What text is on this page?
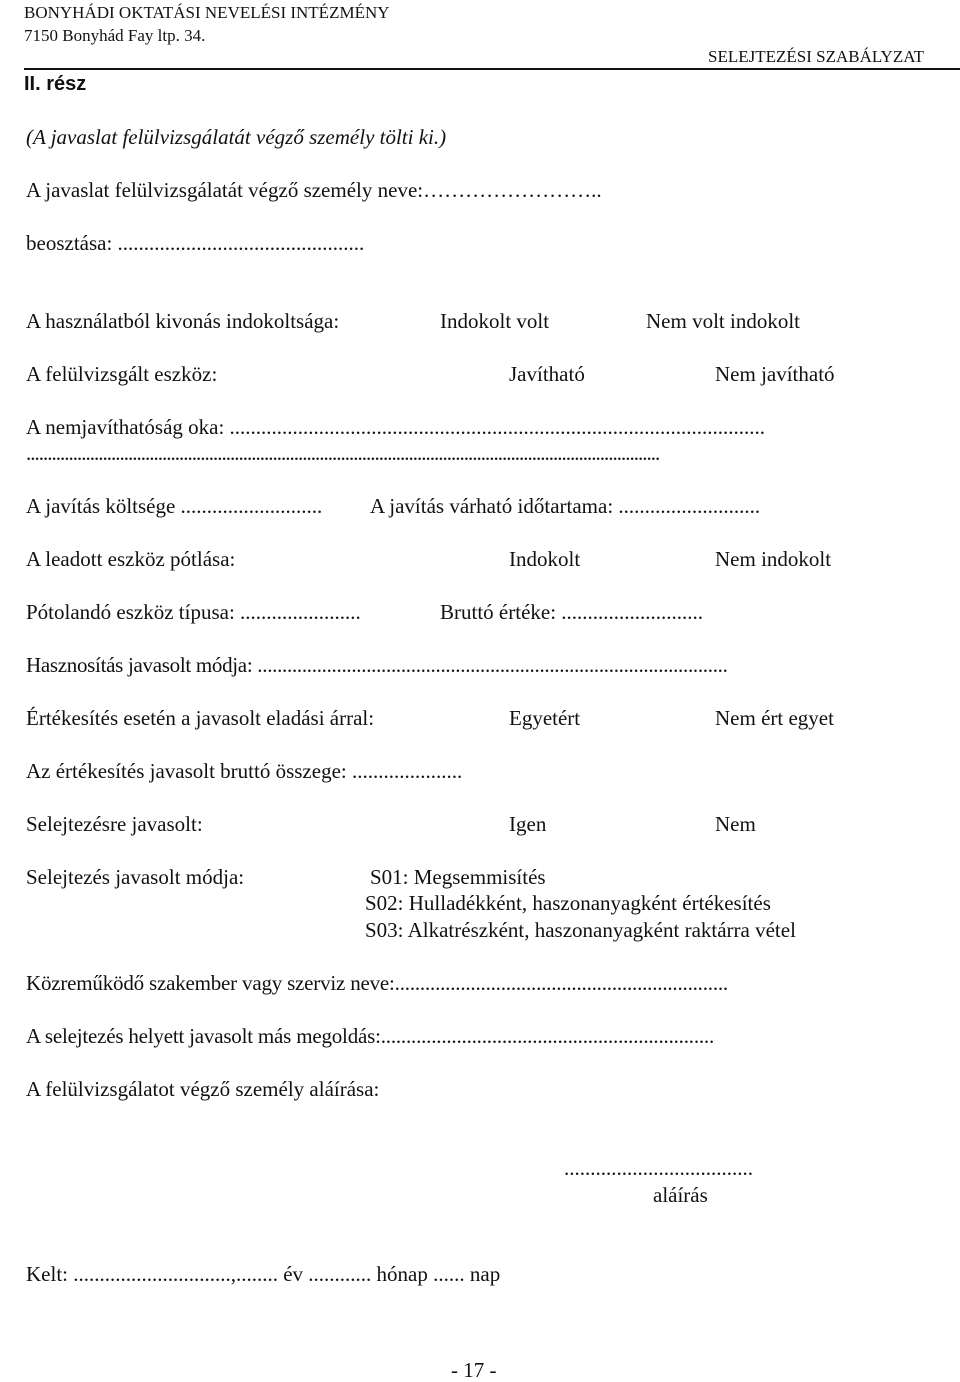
BONYHÁDI OKTATÁSI NEVELÉSI INTÉZMÉNY
7150 Bonyhád Fay ltp. 34.
SELEJTEZÉSI SZABÁLYZAT
II. rész
(A javaslat felülvizsgálatát végző személy tölti ki.)
A javaslat felülvizsgálatát végző személy neve:……………………..
beosztása: ...............................................
A használatból kivonás indokoltsága:	Indokolt volt	Nem volt indokolt
A felülvizsgált eszköz:	Javítható	Nem javítható
A nemjavíthatóság oka: ......................................................................................................
.....................................................................................................................................................
A javítás költsége ........................... A javítás várható időtartama: ...........................
A leadott eszköz pótlása:	Indokolt	Nem indokolt
Pótolandó eszköz típusa: .......................	Bruttó értéke: ...........................
Hasznosítás javasolt módja: ...............................................................................................
Értékesítés esetén a javasolt eladási árral:	Egyetért	Nem ért egyet
Az értékesítés javasolt bruttó összege: .....................
Selejtezésre javasolt:	Igen	Nem
Selejtezés javasolt módja:	S01: Megsemmisítés
S02: Hulladékként, haszonanyagként értékesítés
S03: Alkatrészként, haszonanyagként raktárra vétel
Közreműködő szakember vagy szerviz neve:..................................................................
A selejtezés helyett javasolt más megoldás:..................................................................
A felülvizsgálatot végző személy aláírása:
....................................
aláírás
Kelt: ..............................,........ év ............ hónap ...... nap
- 17 -
